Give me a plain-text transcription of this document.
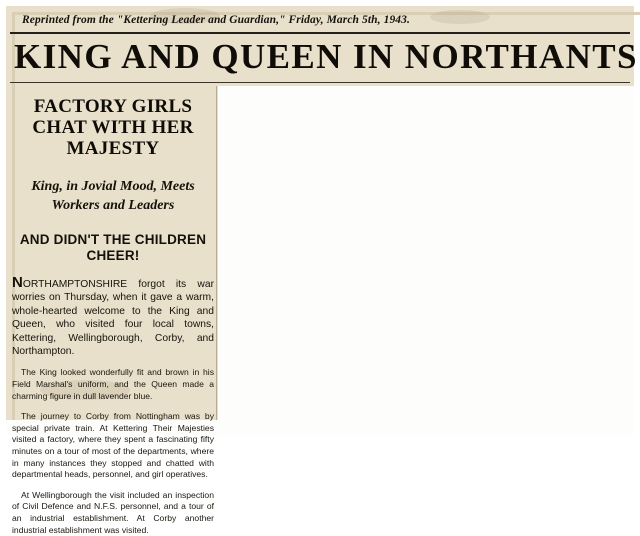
Reprinted from the "Kettering Leader and Guardian," Friday, March 5th, 1943.
KING AND QUEEN IN NORTHANTS
FACTORY GIRLS CHAT WITH HER MAJESTY
King, in Jovial Mood, Meets Workers and Leaders
AND DIDN'T THE CHILDREN CHEER!
NORTHAMPTONSHIRE forgot its war worries on Thursday, when it gave a warm, whole-hearted welcome to the King and Queen, who visited four local towns, Kettering, Wellingborough, Corby, and Northampton.
The King looked wonderfully fit and brown in his Field Marshal's uniform, and the Queen made a charming figure in dull lavender blue.
The journey to Corby from Nottingham was by special private train. At Kettering Their Majesties visited a factory, where they spent a fascinating fifty minutes on a tour of most of the departments, where in many instances they stopped and chatted with departmental heads, personnel, and girl operatives.
At Wellingborough the visit included an inspection of Civil Defence and N.F.S. personnel, and a tour of an industrial establishment. At Corby another industrial establishment was visited.
